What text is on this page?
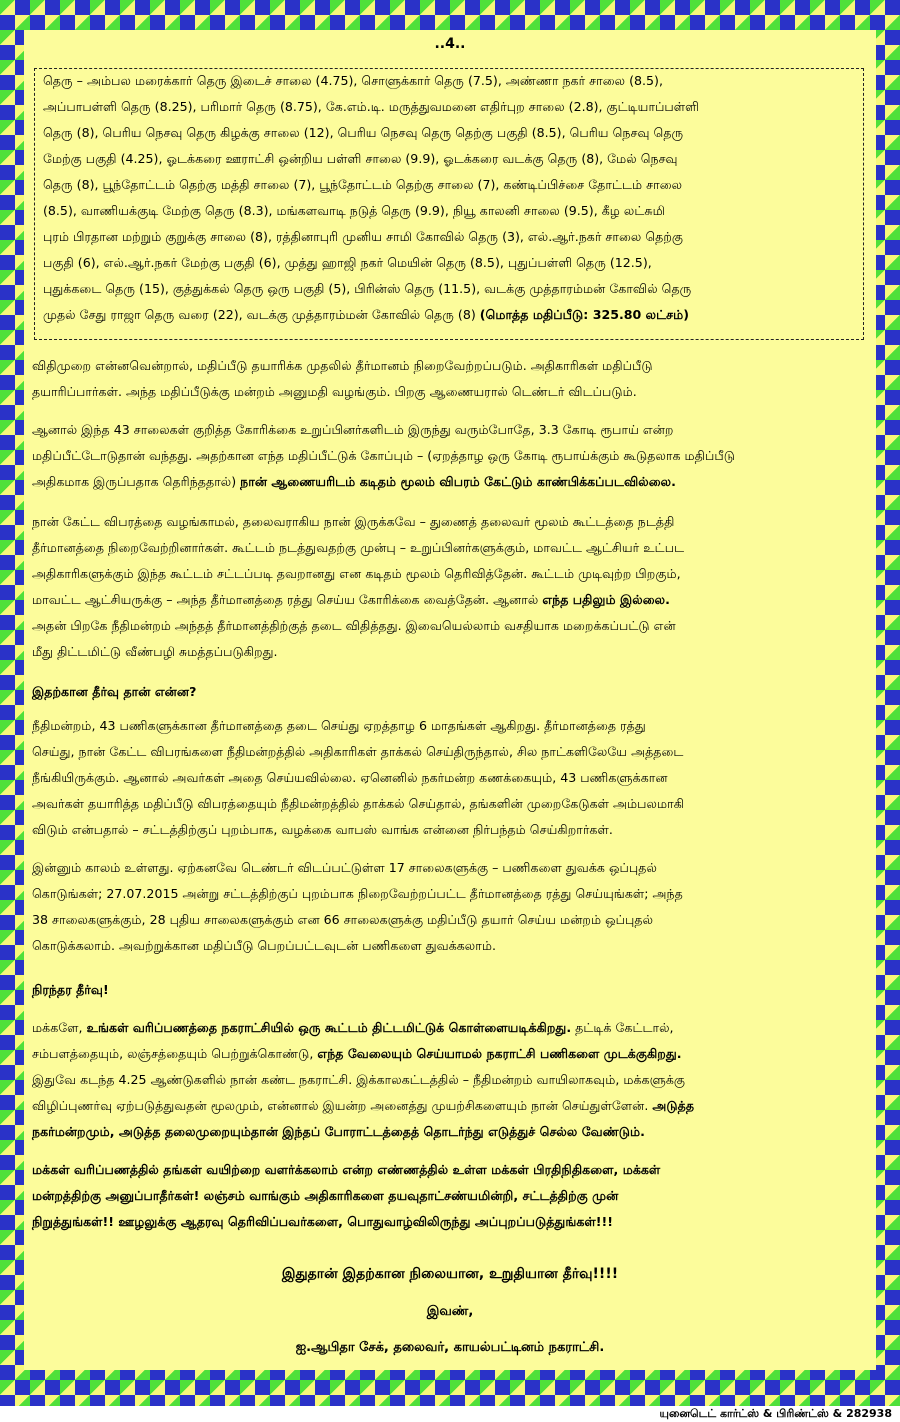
..4..
தெரு – அம்பல மரைக்கார் தெரு இடைச் சாலை (4.75), சொளுக்கார் தெரு (7.5), அண்ணா நகர் சாலை (8.5),
அப்பாபள்ளி தெரு (8.25), பரிமார் தெரு (8.75), கே.எம்.டி. மருத்துவமனை எதிர்புற சாலை (2.8), குட்டியாப்பள்ளி
தெரு (8), பெரிய நெசவு தெரு கிழக்கு சாலை (12), பெரிய நெசவு தெரு தெற்கு பகுதி (8.5), பெரிய நெசவு தெரு
மேற்கு பகுதி (4.25), ஓடக்கரை ஊராட்சி ஒன்றிய பள்ளி சாலை (9.9), ஓடக்கரை வடக்கு தெரு (8), மேல் நெசவு
தெரு (8), பூந்தோட்டம் தெற்கு மத்தி சாலை (7), பூந்தோட்டம் தெற்கு சாலை (7), கண்டிப்பிச்சை தோட்டம் சாலை
(8.5), வாணியக்குடி மேற்கு தெரு (8.3), மங்களவாடி நடுத் தெரு (9.9), நியூ காலனி சாலை (9.5), கீழ லட்சுமி
புரம் பிரதான மற்றும் குறுக்கு சாலை (8), ரத்தினாபுரி முனிய சாமி கோவில் தெரு (3), எல்.ஆர்.நகர் சாலை தெற்கு
பகுதி (6), எல்.ஆர்.நகர் மேற்கு பகுதி (6), முத்து ஹாஜி நகர் மெயின் தெரு (8.5), புதுப்பள்ளி தெரு (12.5),
புதுக்கடை தெரு (15), குத்துக்கல் தெரு ஒரு பகுதி (5), பிரின்ஸ் தெரு (11.5), வடக்கு முத்தாரம்மன் கோவில் தெரு
முதல் சேது ராஜா தெரு வரை (22), வடக்கு முத்தாரம்மன் கோவில் தெரு (8) (மொத்த மதிப்பீடு: 325.80 லட்சம்)
விதிமுறை என்னவென்றால், மதிப்பீடு தயாரிக்க முதலில் தீர்மானம் நிறைவேற்றப்படும். அதிகாரிகள் மதிப்பீடு
தயாரிப்பார்கள். அந்த மதிப்பீடுக்கு மன்றம் அனுமதி வழங்கும். பிறகு ஆணையரால் டெண்டர் விடப்படும்.
ஆனால் இந்த 43 சாலைகள் குறித்த கோரிக்கை உறுப்பினர்களிடம் இருந்து வரும்போதே, 3.3 கோடி ரூபாய் என்ற
மதிப்பீட்டோடுதான் வந்தது. அதற்கான எந்த மதிப்பீட்டுக் கோப்பும் – (ஏறத்தாழ ஒரு கோடி ரூபாய்க்கும் கூடுதலாக மதிப்பீடு
அதிகமாக இருப்பதாக தெரிந்ததால்) நான் ஆணையரிடம் கடிதம் மூலம் விபரம் கேட்டும் காண்பிக்கப்படவில்லை.
நான் கேட்ட விபரத்தை வழங்காமல், தலைவராகிய நான் இருக்கவே – துணைத் தலைவர் மூலம் கூட்டத்தை நடத்தி
தீர்மானத்தை நிறைவேற்றினார்கள். கூட்டம் நடத்துவதற்கு முன்பு – உறுப்பினர்களுக்கும், மாவட்ட ஆட்சியர் உட்பட
அதிகாரிகளுக்கும் இந்த கூட்டம் சட்டப்படி தவறானது என கடிதம் மூலம் தெரிவித்தேன். கூட்டம் முடிவுற்ற பிறகும்,
மாவட்ட ஆட்சியருக்கு – அந்த தீர்மானத்தை ரத்து செய்ய கோரிக்கை வைத்தேன். ஆனால் எந்த பதிலும் இல்லை.
அதன் பிறகே நீதிமன்றம் அந்தத் தீர்மானத்திற்குத் தடை விதித்தது. இவையெல்லாம் வசதியாக மறைக்கப்பட்டு என்
மீது திட்டமிட்டு வீண்பழி சுமத்தப்படுகிறது.
இதற்கான தீர்வு தான் என்ன?
நீதிமன்றம், 43 பணிகளுக்கான தீர்மானத்தை தடை செய்து ஏறத்தாழ 6 மாதங்கள் ஆகிறது. தீர்மானத்தை ரத்து
செய்து, நான் கேட்ட விபரங்களை நீதிமன்றத்தில் அதிகாரிகள் தாக்கல் செய்திருந்தால், சில நாட்களிலேயே அத்தடை
நீங்கியிருக்கும். ஆனால் அவர்கள் அதை செய்யவில்லை. ஏனெனில் நகர்மன்ற கணக்கையும், 43 பணிகளுக்கான
அவர்கள் தயாரித்த மதிப்பீடு விபரத்தையும் நீதிமன்றத்தில் தாக்கல் செய்தால், தங்களின் முறைகேடுகள் அம்பலமாகி
விடும் என்பதால் – சட்டத்திற்குப் புறம்பாக, வழக்கை வாபஸ் வாங்க என்னை நிர்பந்தம் செய்கிறார்கள்.
இன்னும் காலம் உள்ளது. ஏற்கனவே டெண்டர் விடப்பட்டுள்ள 17 சாலைகளுக்கு – பணிகளை துவக்க ஒப்புதல்
கொடுங்கள்; 27.07.2015 அன்று சட்டத்திற்குப் புறம்பாக நிறைவேற்றப்பட்ட தீர்மானத்தை ரத்து செய்யுங்கள்; அந்த
38 சாலைகளுக்கும், 28 புதிய சாலைகளுக்கும் என 66 சாலைகளுக்கு மதிப்பீடு தயார் செய்ய மன்றம் ஒப்புதல்
கொடுக்கலாம். அவற்றுக்கான மதிப்பீடு பெறப்பட்டவுடன் பணிகளை துவக்கலாம்.
நிரந்தர தீர்வு!
மக்களே, உங்கள் வரிப்பணத்தை நகராட்சியில் ஒரு கூட்டம் திட்டமிட்டுக் கொள்ளையடிக்கிறது. தட்டிக் கேட்டால்,
சம்பளத்தையும், லஞ்சத்தையும் பெற்றுக்கொண்டு, எந்த வேலையும் செய்யாமல் நகராட்சி பணிகளை முடக்குகிறது.
இதுவே கடந்த 4.25 ஆண்டுகளில் நான் கண்ட நகராட்சி. இக்காலகட்டத்தில் – நீதிமன்றம் வாயிலாகவும், மக்களுக்கு
விழிப்புணர்வு ஏற்படுத்துவதன் மூலமும், என்னால் இயன்ற அனைத்து முயற்சிகளையும் நான் செய்துள்ளேன். அடுத்த
நகர்மன்றமும், அடுத்த தலைமுறையும்தான் இந்தப் போராட்டத்தைத் தொடர்ந்து எடுத்துச் செல்ல வேண்டும்.
மக்கள் வரிப்பணத்தில் தங்கள் வயிற்றை வளர்க்கலாம் என்ற எண்ணத்தில் உள்ள மக்கள் பிரதிநிதிகளை, மக்கள்
மன்றத்திற்கு அனுப்பாதீர்கள்! லஞ்சம் வாங்கும் அதிகாரிகளை தயவுதாட்சண்யமின்றி, சட்டத்திற்கு முன்
நிறுத்துங்கள்!! ஊழலுக்கு ஆதரவு தெரிவிப்பவர்களை, பொதுவாழ்விலிருந்து அப்புறப்படுத்துங்கள்!!!
இதுதான் இதற்கான நிலையான, உறுதியான தீர்வு!!!!
இவண்,
ஐ.ஆபிதா சேக், தலைவர், காயல்பட்டினம் நகராட்சி.
யுனைடெட் கார்ட்ஸ் & பிரிண்ட்ஸ் & 282938
